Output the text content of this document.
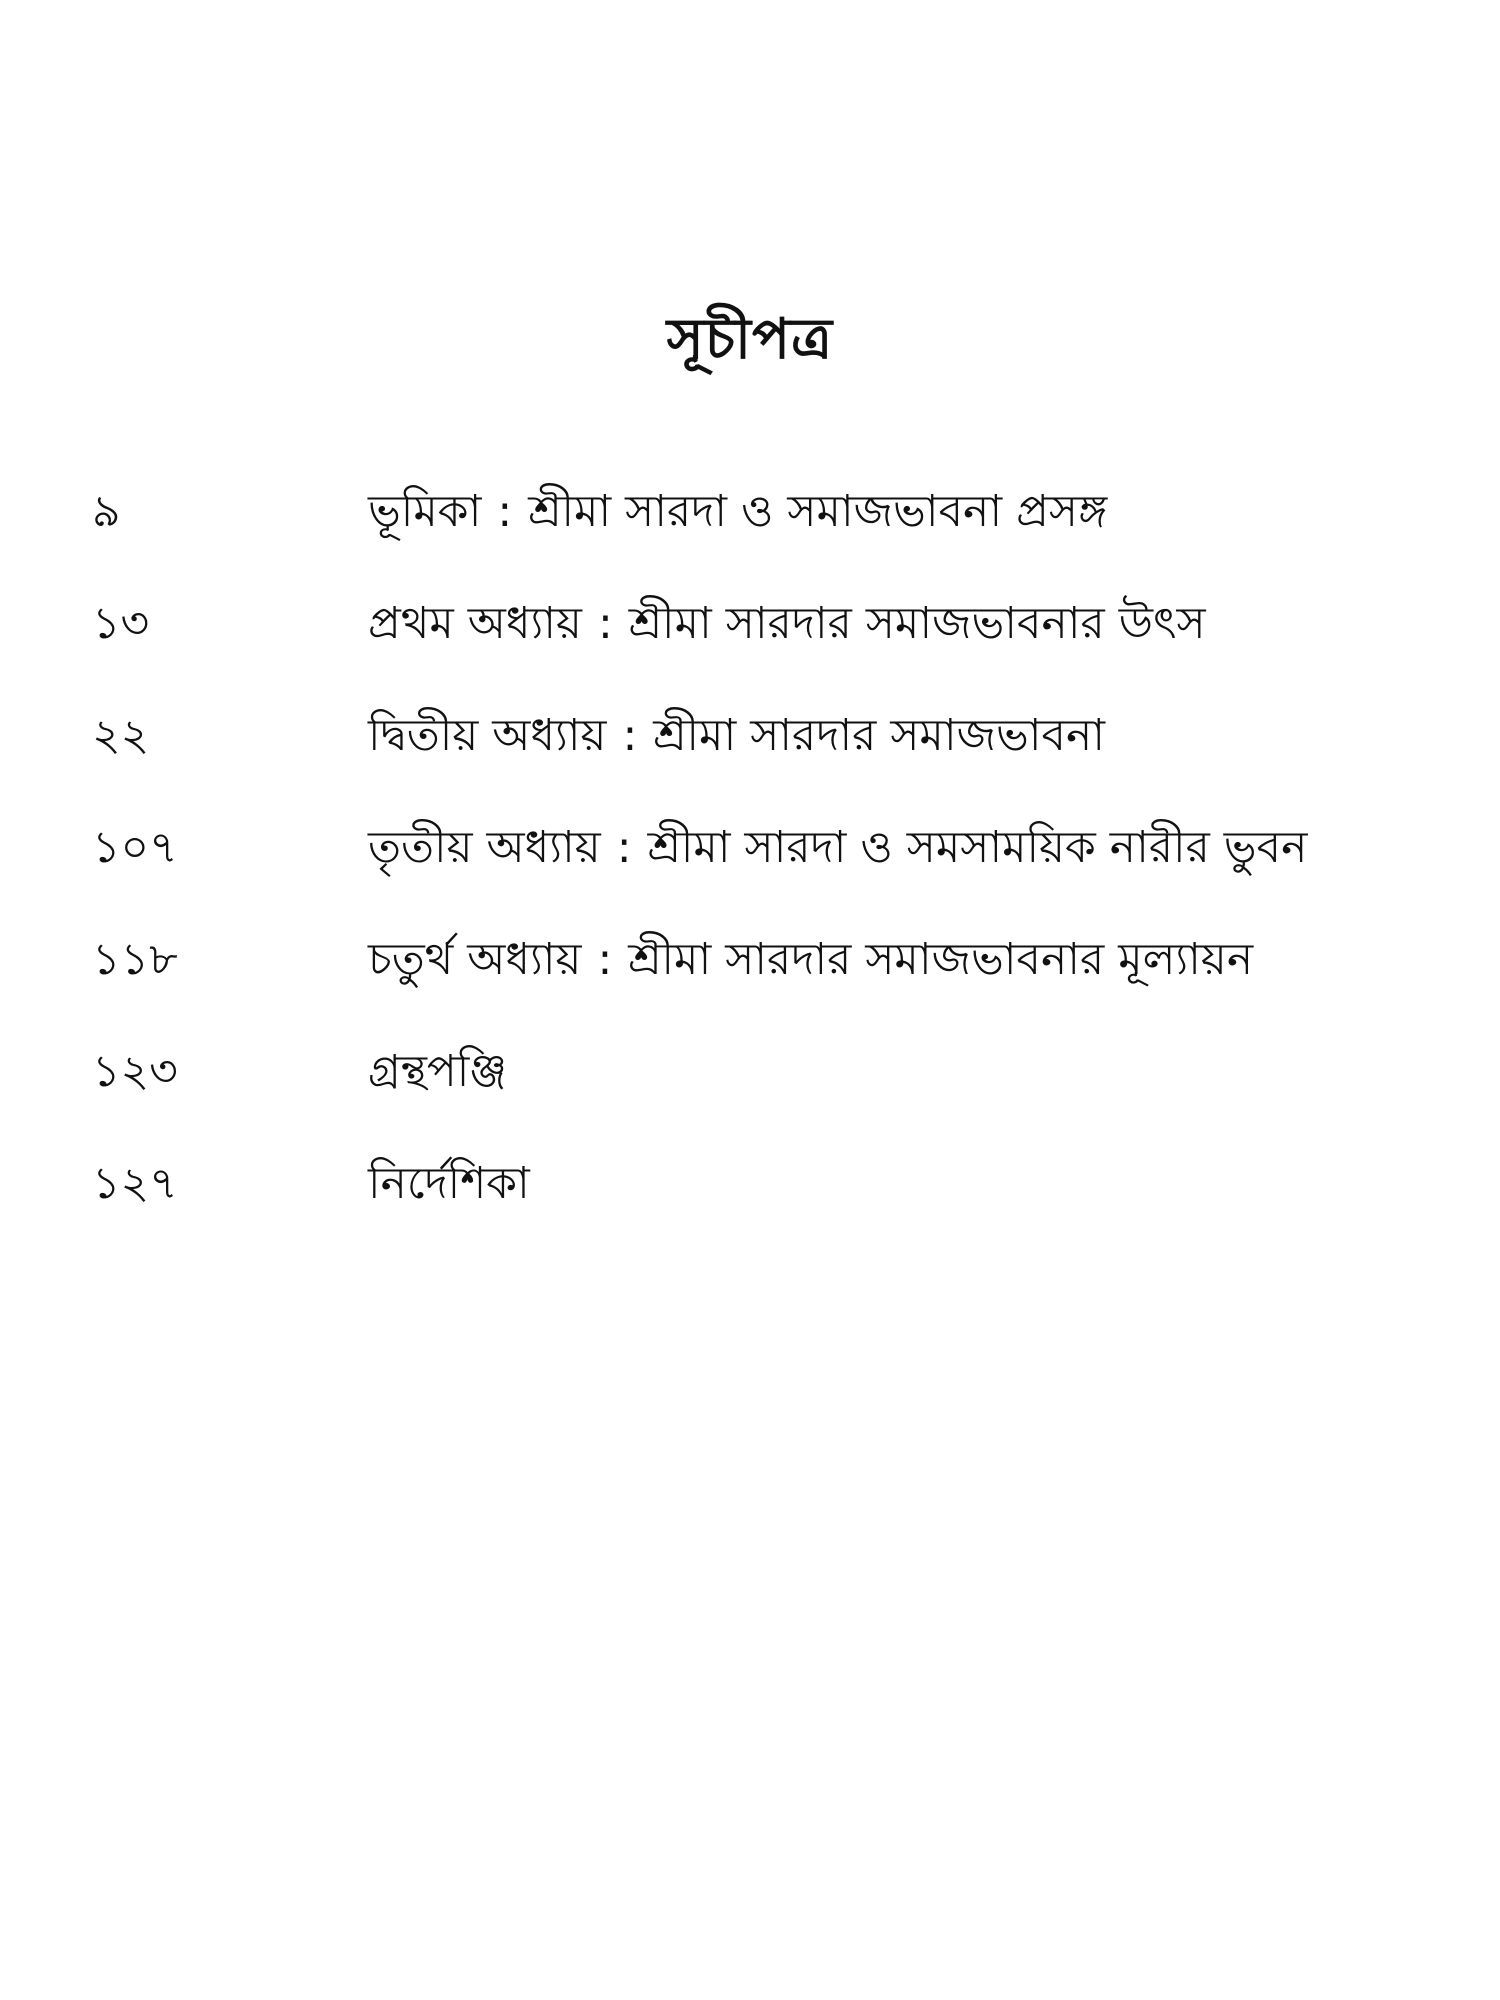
সূচীপত্র
৯	ভূমিকা : শ্রীমা সারদা ও সমাজভাবনা প্রসঙ্গ
১৩	প্রথম অধ্যায় : শ্রীমা সারদার সমাজভাবনার উৎস
২২	দ্বিতীয় অধ্যায় : শ্রীমা সারদার সমাজভাবনা
১০৭	তৃতীয় অধ্যায় : শ্রীমা সারদা ও সমসাময়িক নারীর ভুবন
১১৮	চতুর্থ অধ্যায় : শ্রীমা সারদার সমাজভাবনার মূল্যায়ন
১২৩	গ্রন্থপঞ্জি
১২৭	নির্দেশিকা
